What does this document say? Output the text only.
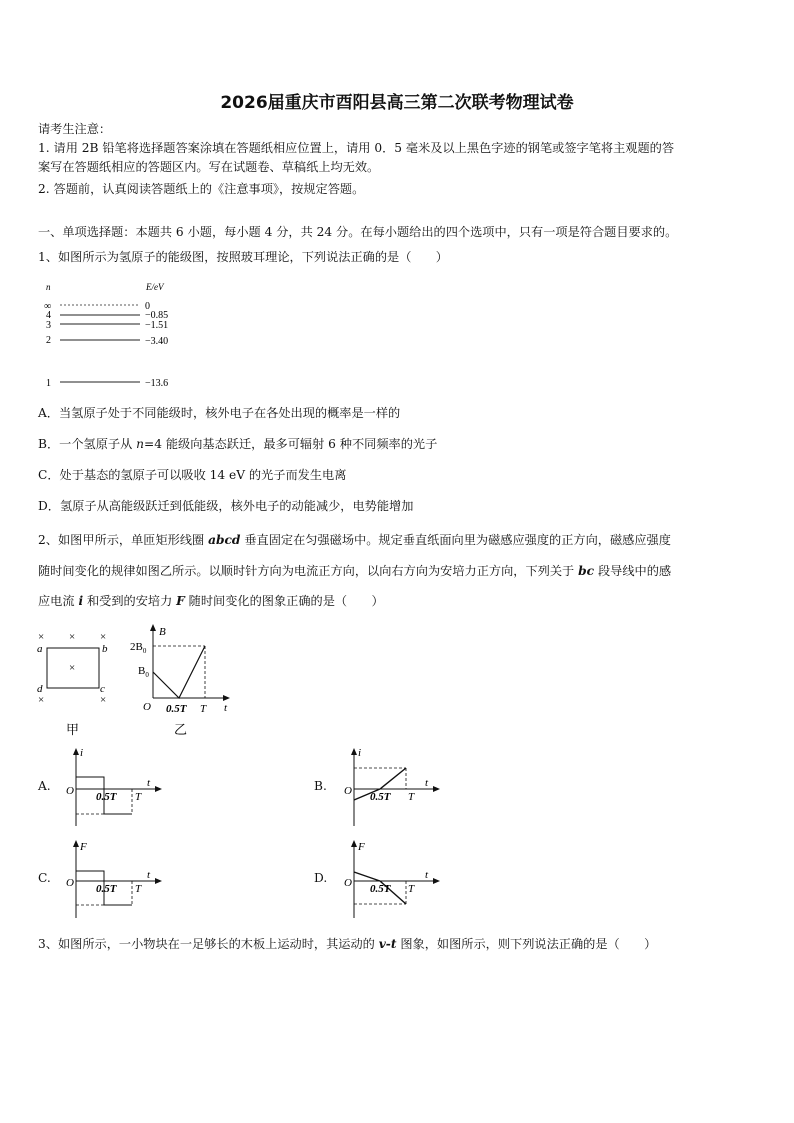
2026届重庆市酉阳县高三第二次联考物理试卷
请考生注意：
1. 请用 2B 铅笔将选择题答案涂填在答题纸相应位置上，请用 0．5 毫米及以上黑色字迹的钢笔或签字笔将主观题的答
案写在答题纸相应的答题区内。写在试题卷、草稿纸上均无效。
2. 答题前，认真阅读答题纸上的《注意事项》，按规定答题。
一、单项选择题：本题共 6 小题，每小题 4 分，共 24 分。在每小题给出的四个选项中，只有一项是符合题目要求的。
1、如图所示为氢原子的能级图，按照玻耳理论，下列说法正确的是（　　）
n	E/eV
∞	0
4	−0.85
3	−1.51
2	−3.40
1	−13.6
A．当氢原子处于不同能级时，核外电子在各处出现的概率是一样的
B．一个氢原子从 n=4 能级向基态跃迁，最多可辐射 6 种不同频率的光子
C．处于基态的氢原子可以吸收 14 eV 的光子而发生电离
D．氢原子从高能级跃迁到低能级，核外电子的动能减少，电势能增加
2、如图甲所示，单匝矩形线圈 abcd 垂直固定在匀强磁场中。规定垂直纸面向里为磁感应强度的正方向，磁感应强度
随时间变化的规律如图乙所示。以顺时针方向为电流正方向，以向右方向为安培力正方向，下列关于 bc 段导线中的感
应电流 i 和受到的安培力 F 随时间变化的图象正确的是（　　）
× × ×
×
×	×
a	b
c
d
甲
B
t
O
$2B_0$
$B_0$
0.5T T
乙
A.
i
t
O 0.5T T
B.
i
t
O 0.5T T
C.
F
t
O 0.5T T
D.
F
t
O 0.5T T
3、如图所示，一小物块在一足够长的木板上运动时，其运动的 v-t 图象，如图所示，则下列说法正确的是（　　）
